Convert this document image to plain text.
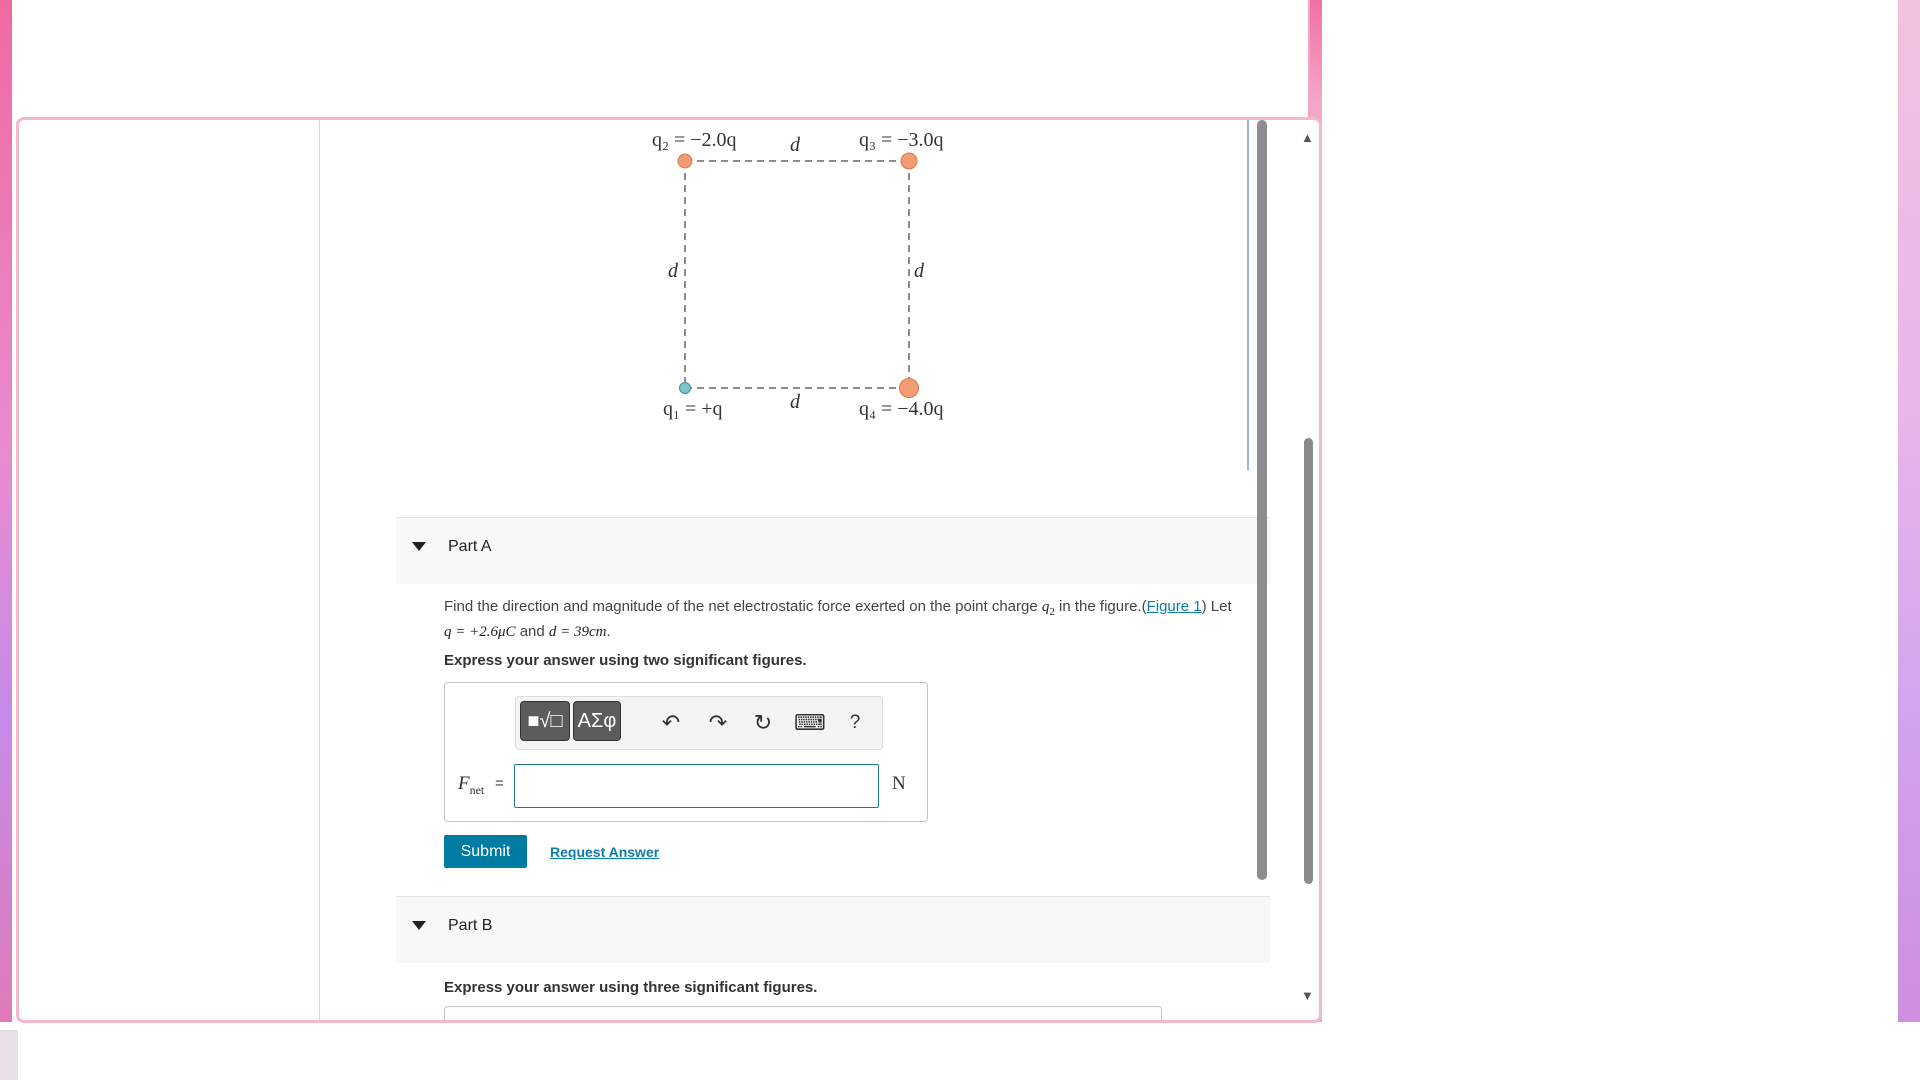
q₂ = −2.0q	q₃ = −3.0q
q₁ = +q	q₄ = −4.0q
d
d
d	d
Part A
Find the direction and magnitude of the net electrostatic force exerted on the point charge $q_2$ in the figure.(Figure 1) Let
q = +2.6μC and d = 39cm.
Express your answer using two significant figures.
■√□ ΑΣφ ↶ ↷ ↻ ⌨	?
$F_{net}$ =	N
Submit	Request Answer
Part B
Express your answer using three significant figures.
▲
▼
